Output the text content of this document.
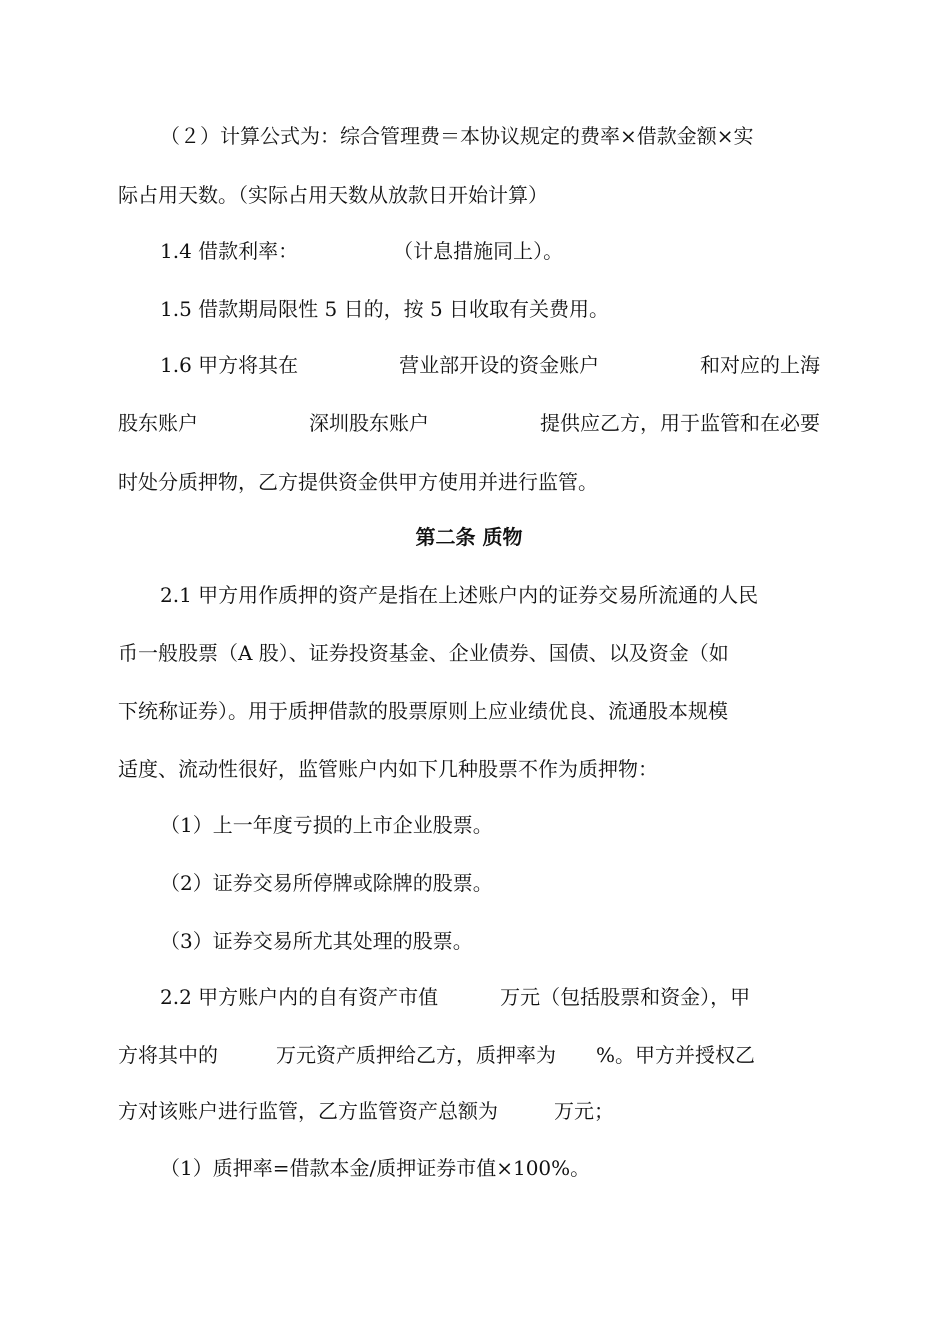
（２）计算公式为：综合管理费＝本协议规定的费率×借款金额×实
际占用天数。（实际占用天数从放款日开始计算）
1.4 借款利率：	（计息措施同上）。
1.5 借款期局限性 5 日的，按 5 日收取有关费用。
1.6 甲方将其在	营业部开设的资金账户	和对应的上海
股东账户	深圳股东账户	提供应乙方，用于监管和在必要
时处分质押物，乙方提供资金供甲方使用并进行监管。
第二条 质物
2.1 甲方用作质押的资产是指在上述账户内的证券交易所流通的人民
币一般股票（A 股）、证券投资基金、企业债券、国债、以及资金（如
下统称证券）。用于质押借款的股票原则上应业绩优良、流通股本规模
适度、流动性很好，监管账户内如下几种股票不作为质押物：
（1）上一年度亏损的上市企业股票。
（2）证券交易所停牌或除牌的股票。
（3）证券交易所尤其处理的股票。
2.2 甲方账户内的自有资产市值	万元（包括股票和资金），甲
方将其中的	万元资产质押给乙方，质押率为 %。甲方并授权乙
方对该账户进行监管，乙方监管资产总额为	万元；
（1）质押率=借款本金/质押证券市值×100%。
